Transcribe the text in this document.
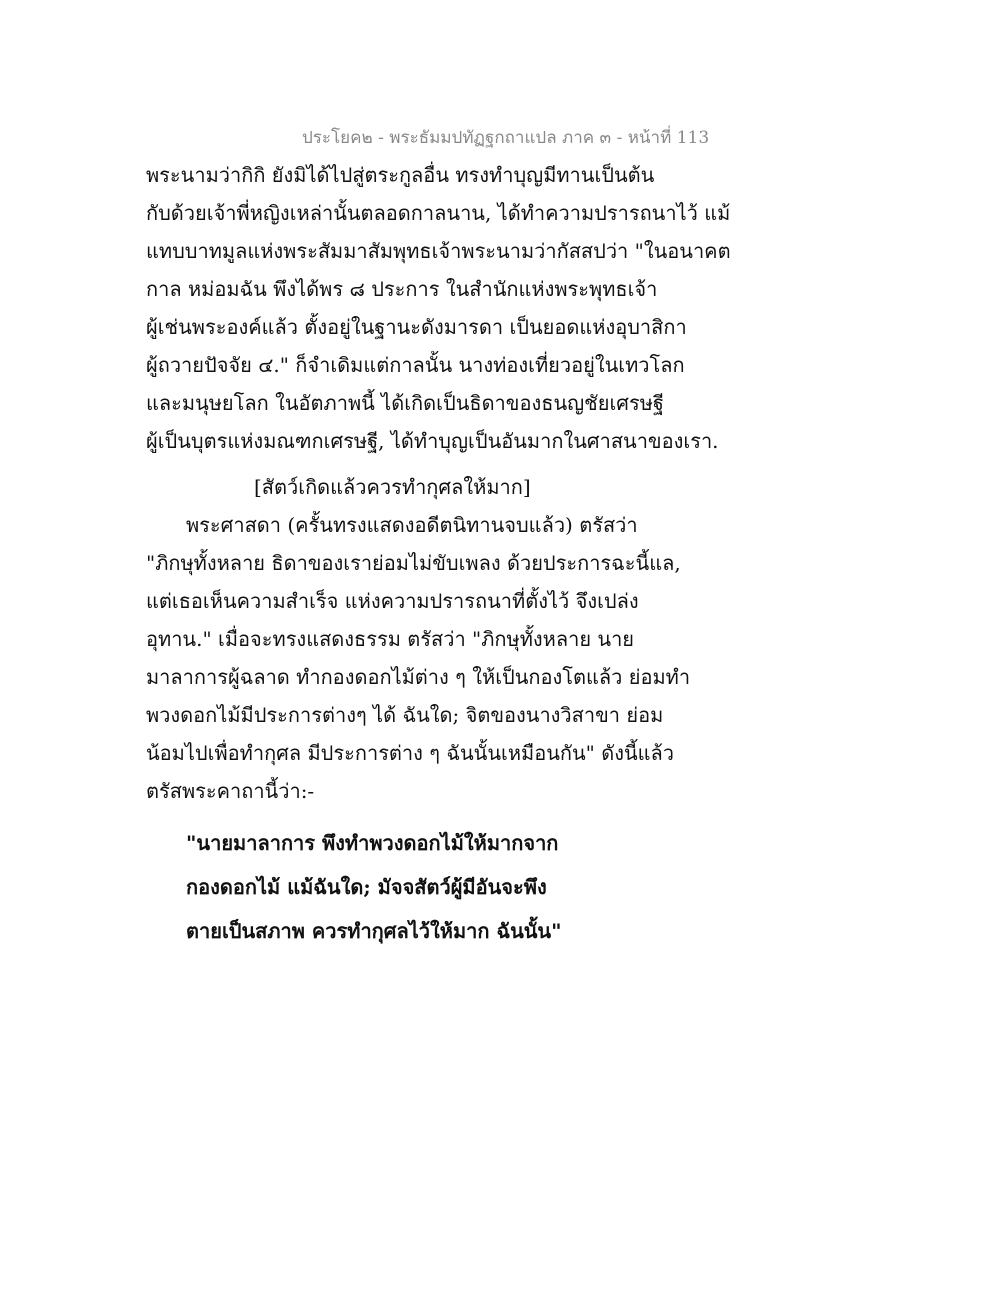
ประโยค๒ - พระธัมมปทัฏฐกถาแปล ภาค ๓ - หน้าที่ 113
พระนามว่ากิกิ ยังมิได้ไปสู่ตระกูลอื่น ทรงทำบุญมีทานเป็นต้น
กับด้วยเจ้าพี่หญิงเหล่านั้นตลอดกาลนาน, ได้ทำความปรารถนาไว้ แม้
แทบบาทมูลแห่งพระสัมมาสัมพุทธเจ้าพระนามว่ากัสสปว่า "ในอนาคต
กาล หม่อมฉัน พึงได้พร ๘ ประการ ในสำนักแห่งพระพุทธเจ้า
ผู้เช่นพระองค์แล้ว ตั้งอยู่ในฐานะดังมารดา เป็นยอดแห่งอุบาสิกา
ผู้ถวายปัจจัย ๔." ก็จำเดิมแต่กาลนั้น นางท่องเที่ยวอยู่ในเทวโลก
และมนุษยโลก ในอัตภาพนี้ ได้เกิดเป็นธิดาของธนญชัยเศรษฐี
ผู้เป็นบุตรแห่งมณฑกเศรษฐี, ได้ทำบุญเป็นอันมากในศาสนาของเรา.
[สัตว์เกิดแล้วควรทำกุศลให้มาก]
พระศาสดา (ครั้นทรงแสดงอดีตนิทานจบแล้ว) ตรัสว่า
"ภิกษุทั้งหลาย ธิดาของเราย่อมไม่ขับเพลง ด้วยประการฉะนี้แล,
แต่เธอเห็นความสำเร็จ แห่งความปรารถนาที่ตั้งไว้ จึงเปล่ง
อุทาน." เมื่อจะทรงแสดงธรรม ตรัสว่า "ภิกษุทั้งหลาย นาย
มาลาการผู้ฉลาด ทำกองดอกไม้ต่าง ๆ ให้เป็นกองโตแล้ว ย่อมทำ
พวงดอกไม้มีประการต่างๆ ได้ ฉันใด; จิตของนางวิสาขา ย่อม
น้อมไปเพื่อทำกุศล มีประการต่าง ๆ ฉันนั้นเหมือนกัน" ดังนี้แล้ว
ตรัสพระคาถานี้ว่า:-
"นายมาลาการ พึงทำพวงดอกไม้ให้มากจาก
กองดอกไม้ แม้ฉันใด; มัจจสัตว์ผู้มีอันจะพึง
ตายเป็นสภาพ ควรทำกุศลไว้ให้มาก ฉันนั้น"
